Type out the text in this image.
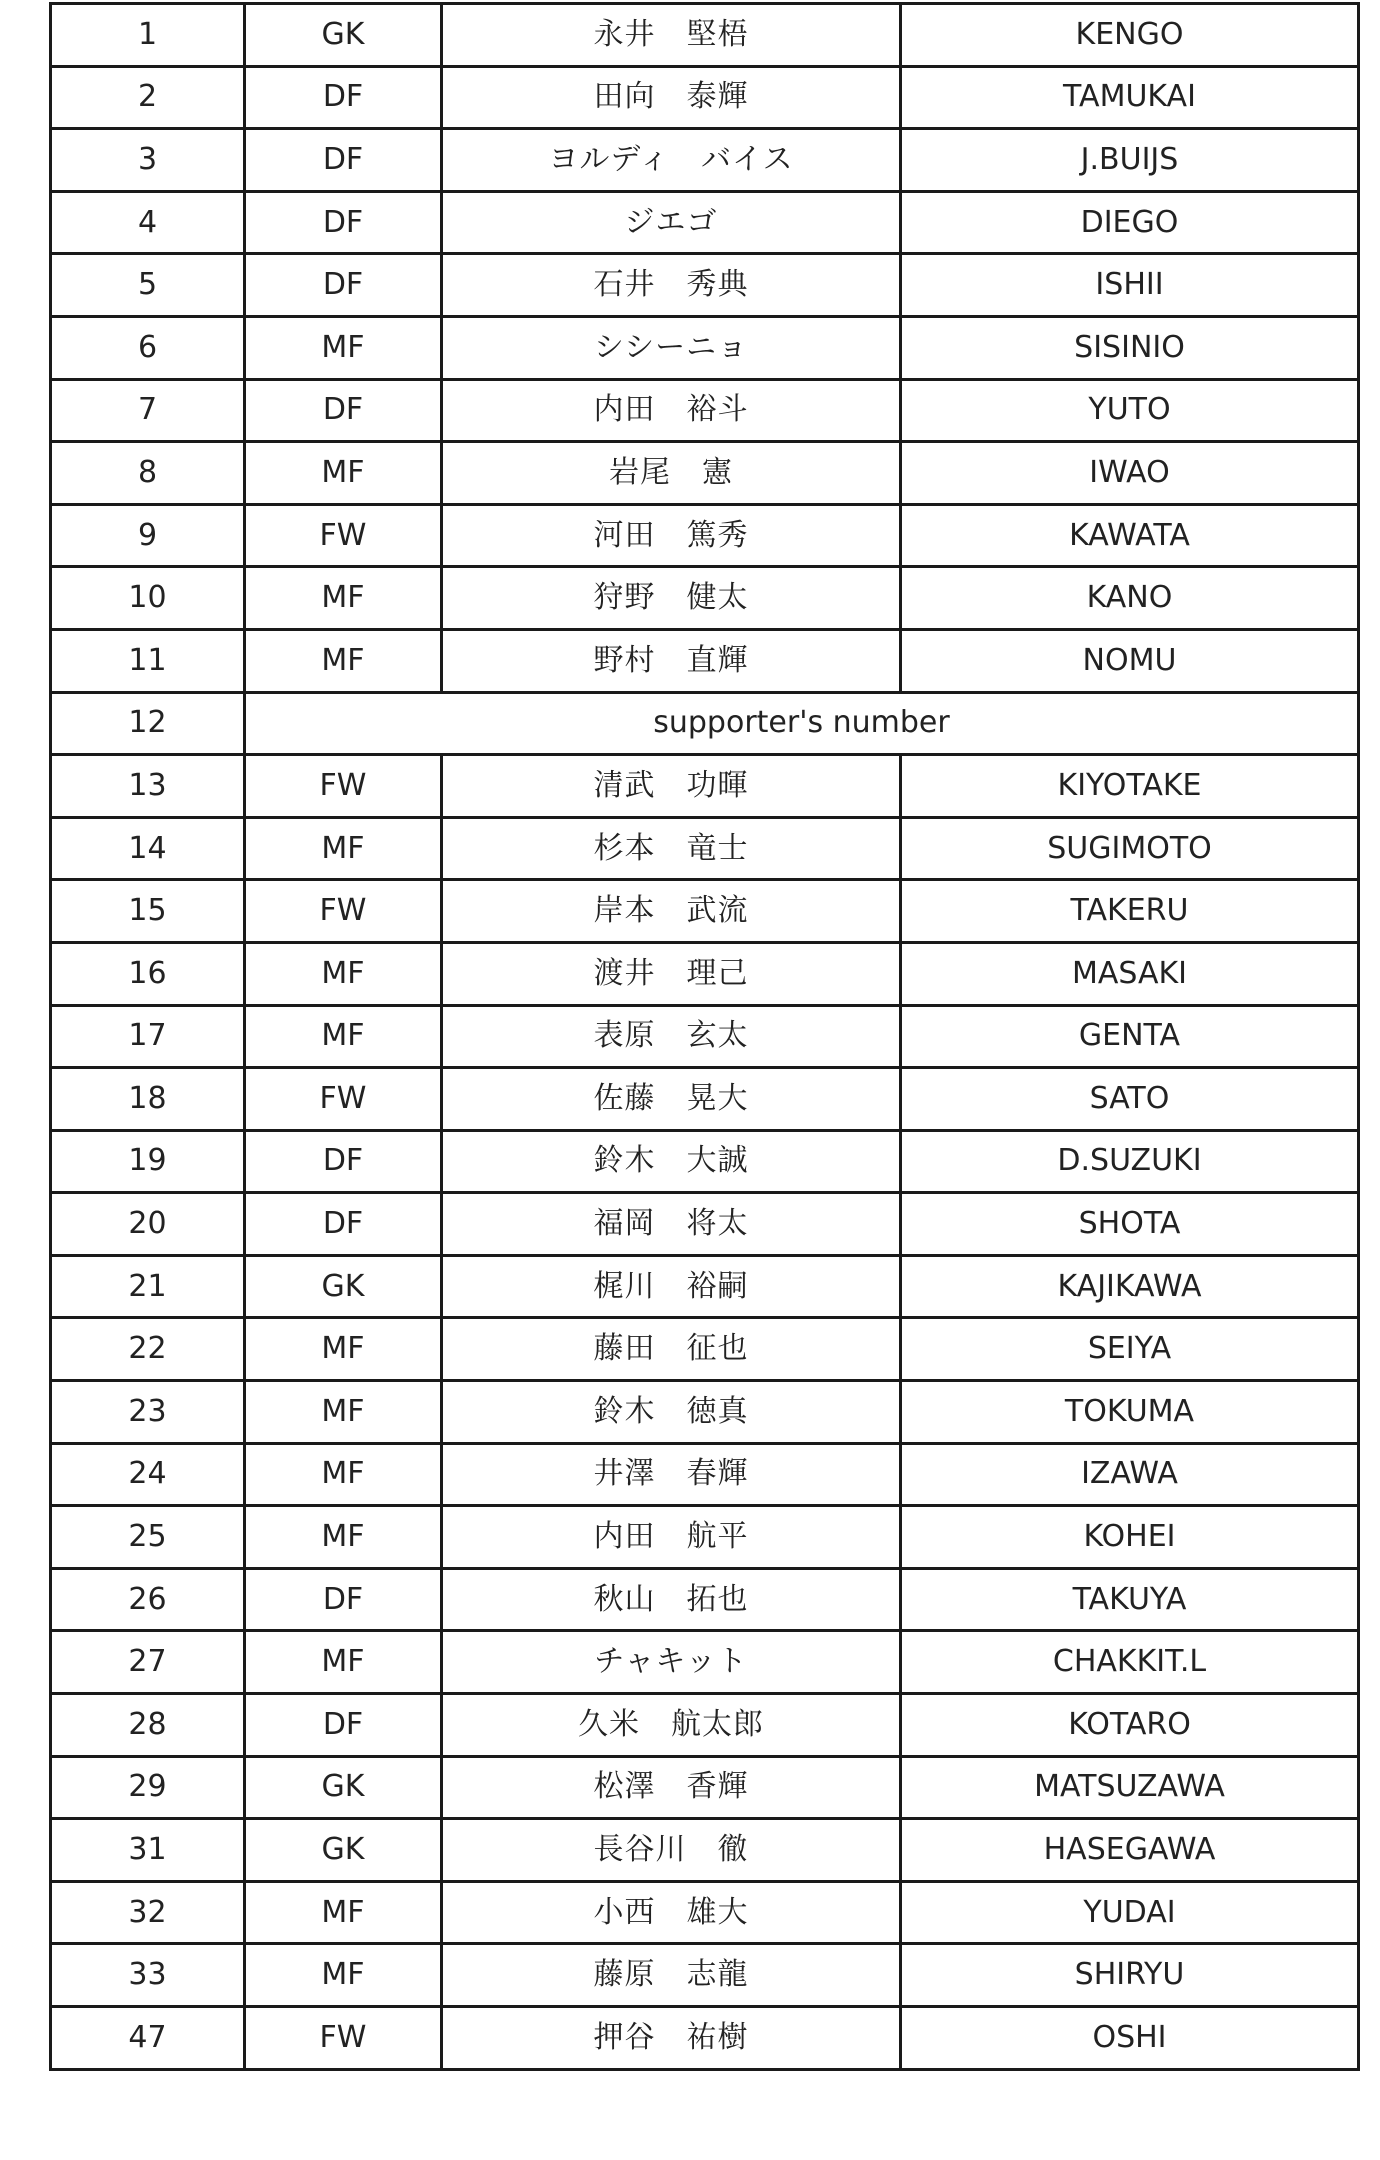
1	GK	永井　堅梧	KENGO
2	DF	田向　泰輝	TAMUKAI
3	DF	ヨルディ　バイス	J.BUIJS
4	DF	ジエゴ	DIEGO
5	DF	石井　秀典	ISHII
6	MF	シシーニョ	SISINIO
7	DF	内田　裕斗	YUTO
8	MF	岩尾　憲	IWAO
9	FW	河田　篤秀	KAWATA
10	MF	狩野　健太	KANO
11	MF	野村　直輝	NOMU
12	supporter's number		
13	FW	清武　功暉	KIYOTAKE
14	MF	杉本　竜士	SUGIMOTO
15	FW	岸本　武流	TAKERU
16	MF	渡井　理己	MASAKI
17	MF	表原　玄太	GENTA
18	FW	佐藤　晃大	SATO
19	DF	鈴木　大誠	D.SUZUKI
20	DF	福岡　将太	SHOTA
21	GK	梶川　裕嗣	KAJIKAWA
22	MF	藤田　征也	SEIYA
23	MF	鈴木　徳真	TOKUMA
24	MF	井澤　春輝	IZAWA
25	MF	内田　航平	KOHEI
26	DF	秋山　拓也	TAKUYA
27	MF	チャキット	CHAKKIT.L
28	DF	久米　航太郎	KOTARO
29	GK	松澤　香輝	MATSUZAWA
31	GK	長谷川　徹	HASEGAWA
32	MF	小西　雄大	YUDAI
33	MF	藤原　志龍	SHIRYU
47	FW	押谷　祐樹	OSHI
